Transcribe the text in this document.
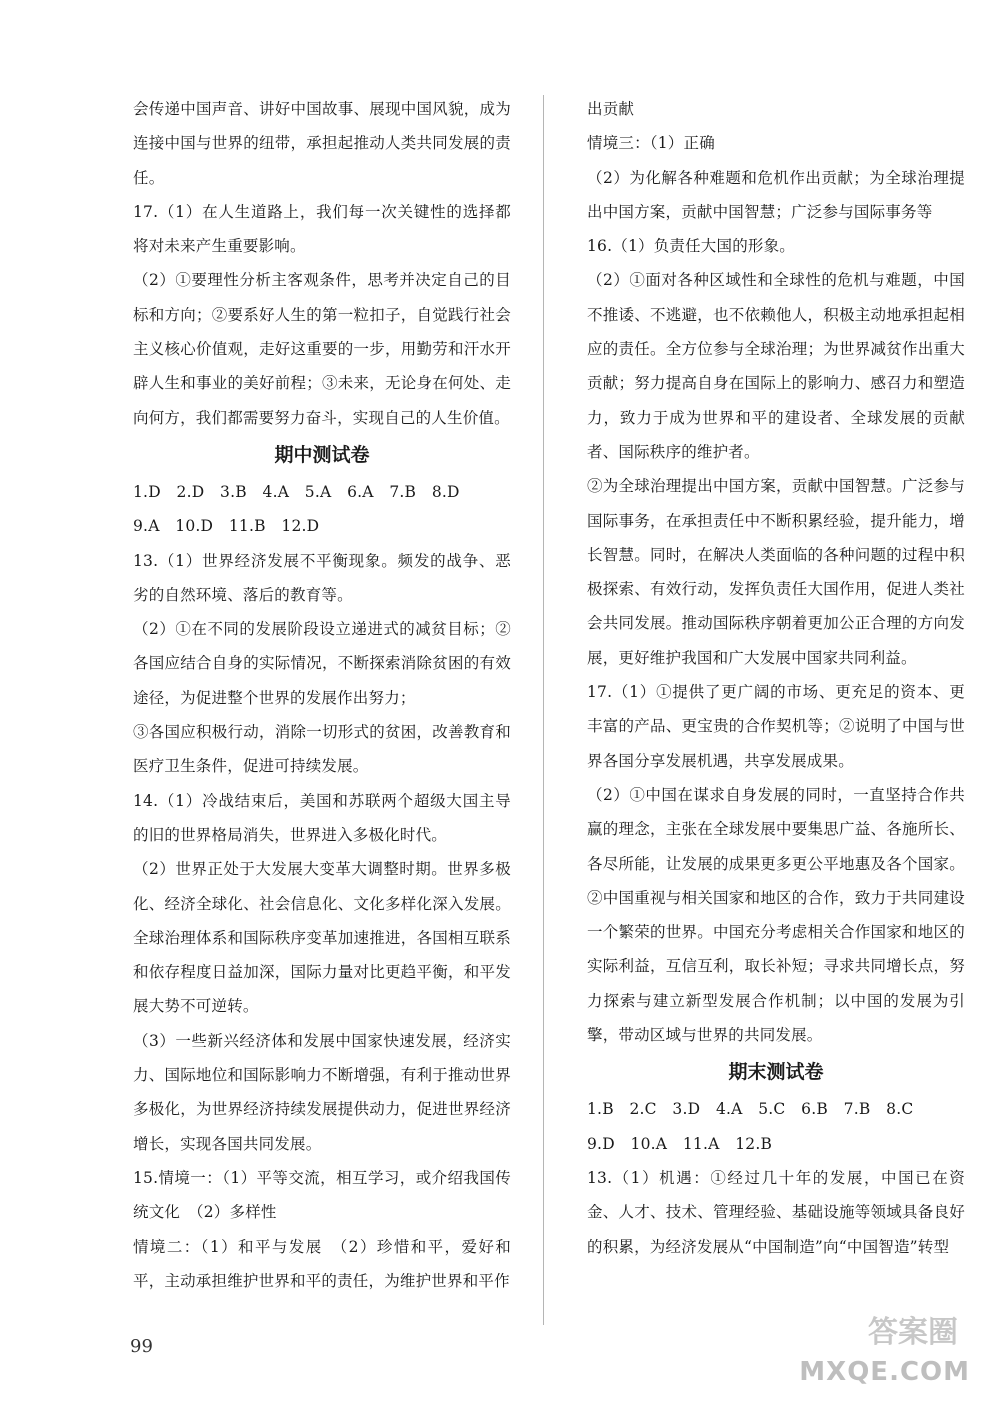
会传递中国声音、讲好中国故事、展现中国风貌，成为连接中国与世界的纽带，承担起推动人类共同发展的责任。

17.（1）在人生道路上，我们每一次关键性的选择都将对未来产生重要影响。

（2）①要理性分析主客观条件，思考并决定自己的目标和方向；②要系好人生的第一粒扣子，自觉践行社会主义核心价值观，走好这重要的一步，用勤劳和汗水开辟人生和事业的美好前程；③未来，无论身在何处、走向何方，我们都需要努力奋斗，实现自己的人生价值。

期中测试卷

1.D　2.D　3.B　4.A　5.A　6.A　7.B　8.D

9.A　10.D　11.B　12.D

13.（1）世界经济发展不平衡现象。频发的战争、恶劣的自然环境、落后的教育等。

（2）①在不同的发展阶段设立递进式的减贫目标；②各国应结合自身的实际情况，不断探索消除贫困的有效途径，为促进整个世界的发展作出努力；

③各国应积极行动，消除一切形式的贫困，改善教育和医疗卫生条件，促进可持续发展。

14.（1）冷战结束后，美国和苏联两个超级大国主导的旧的世界格局消失，世界进入多极化时代。

（2）世界正处于大发展大变革大调整时期。世界多极化、经济全球化、社会信息化、文化多样化深入发展。全球治理体系和国际秩序变革加速推进，各国相互联系和依存程度日益加深，国际力量对比更趋平衡，和平发展大势不可逆转。

（3）一些新兴经济体和发展中国家快速发展，经济实力、国际地位和国际影响力不断增强，有利于推动世界多极化，为世界经济持续发展提供动力，促进世界经济增长，实现各国共同发展。

15.情境一：（1）平等交流，相互学习，或介绍我国传统文化　（2）多样性

情境二：（1）和平与发展　（2）珍惜和平，爱好和平，主动承担维护世界和平的责任，为维护世界和平作

出贡献

情境三：（1）正确

（2）为化解各种难题和危机作出贡献；为全球治理提出中国方案，贡献中国智慧；广泛参与国际事务等

16.（1）负责任大国的形象。

（2）①面对各种区域性和全球性的危机与难题，中国不推诿、不逃避，也不依赖他人，积极主动地承担起相应的责任。全方位参与全球治理；为世界减贫作出重大贡献；努力提高自身在国际上的影响力、感召力和塑造力，致力于成为世界和平的建设者、全球发展的贡献者、国际秩序的维护者。

②为全球治理提出中国方案，贡献中国智慧。广泛参与国际事务，在承担责任中不断积累经验，提升能力，增长智慧。同时，在解决人类面临的各种问题的过程中积极探索、有效行动，发挥负责任大国作用，促进人类社会共同发展。推动国际秩序朝着更加公正合理的方向发展，更好维护我国和广大发展中国家共同利益。

17.（1）①提供了更广阔的市场、更充足的资本、更丰富的产品、更宝贵的合作契机等；②说明了中国与世界各国分享发展机遇，共享发展成果。

（2）①中国在谋求自身发展的同时，一直坚持合作共赢的理念，主张在全球发展中要集思广益、各施所长、各尽所能，让发展的成果更多更公平地惠及各个国家。②中国重视与相关国家和地区的合作，致力于共同建设一个繁荣的世界。中国充分考虑相关合作国家和地区的实际利益，互信互利，取长补短；寻求共同增长点，努力探索与建立新型发展合作机制；以中国的发展为引擎，带动区域与世界的共同发展。

期末测试卷

1.B　2.C　3.D　4.A　5.C　6.B　7.B　8.C

9.D　10.A　11.A　12.B

13.（1）机遇：①经过几十年的发展，中国已在资金、人才、技术、管理经验、基础设施等领域具备良好的积累，为经济发展从“中国制造”向“中国智造”转型

99	答案圈
MXQE.COM
